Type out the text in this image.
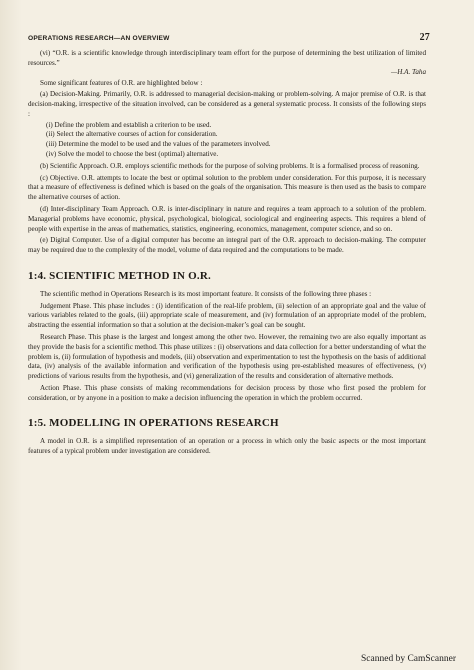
OPERATIONS RESEARCH—AN OVERVIEW	27

(vi) “O.R. is a scientific knowledge through interdisciplinary team effort for the purpose of determining the best utilization of limited resources.”

—H.A. Taha

Some significant features of O.R. are highlighted below :

(a) Decision-Making. Primarily, O.R. is addressed to managerial decision-making or problem-solving. A major premise of O.R. is that decision-making, irrespective of the situation involved, can be considered as a general systematic process. It consists of the following steps :

(i) Define the problem and establish a criterion to be used.
(ii) Select the alternative courses of action for consideration.
(iii) Determine the model to be used and the values of the parameters involved.
(iv) Solve the model to choose the best (optimal) alternative.

(b) Scientific Approach. O.R. employs scientific methods for the purpose of solving problems. It is a formalised process of reasoning.

(c) Objective. O.R. attempts to locate the best or optimal solution to the problem under consideration. For this purpose, it is necessary that a measure of effectiveness is defined which is based on the goals of the organisation. This measure is then used as the basis to compare the alternative courses of action.

(d) Inter-disciplinary Team Approach. O.R. is inter-disciplinary in nature and requires a team approach to a solution of the problem. Managerial problems have economic, physical, psychological, biological, sociological and engineering aspects. This requires a blend of people with expertise in the areas of mathematics, statistics, engineering, economics, management, computer science, and so on.

(e) Digital Computer. Use of a digital computer has become an integral part of the O.R. approach to decision-making. The computer may be required due to the complexity of the model, volume of data required and the computations to be made.

1:4. SCIENTIFIC METHOD IN O.R.

The scientific method in Operations Research is its most important feature. It consists of the following three phases :

Judgement Phase. This phase includes : (i) identification of the real-life problem, (ii) selection of an appropriate goal and the value of various variables related to the goals, (iii) appropriate scale of measurement, and (iv) formulation of an appropriate model of the problem, abstracting the essential information so that a solution at the decision-maker’s goal can be sought.

Research Phase. This phase is the largest and longest among the other two. However, the remaining two are also equally important as they provide the basis for a scientific method. This phase utilizes : (i) observations and data collection for a better understanding of what the problem is, (ii) formulation of hypothesis and models, (iii) observation and experimentation to test the hypothesis on the basis of additional data, (iv) analysis of the available information and verification of the hypothesis using pre-established measures of effectiveness, (v) predictions of various results from the hypothesis, and (vi) generalization of the results and consideration of alternative methods.

Action Phase. This phase consists of making recommendations for decision process by those who first posed the problem for consideration, or by anyone in a position to make a decision influencing the operation in which the problem occurred.

1:5. MODELLING IN OPERATIONS RESEARCH

A model in O.R. is a simplified representation of an operation or a process in which only the basic aspects or the most important features of a typical problem under investigation are considered.

Scanned by CamScanner
